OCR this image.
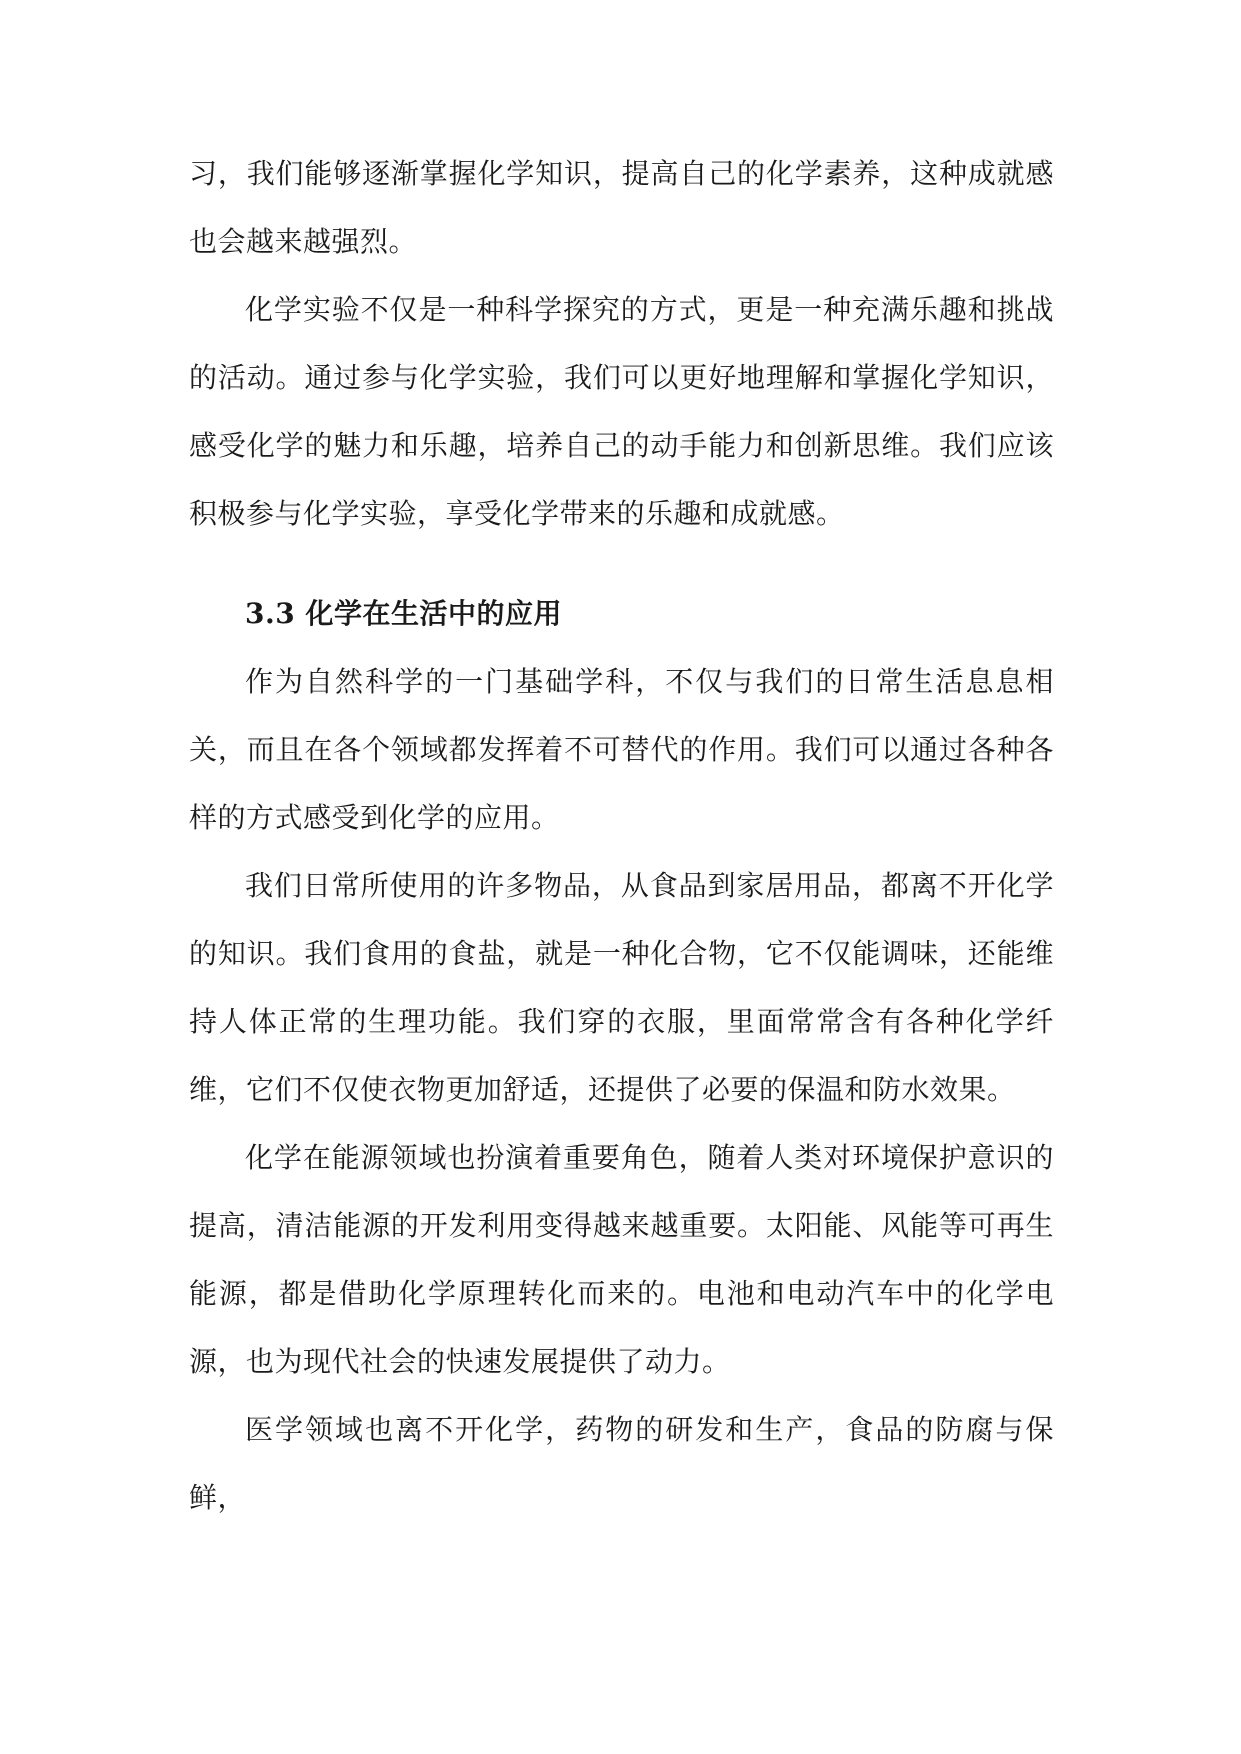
习，我们能够逐渐掌握化学知识，提高自己的化学素养，这种成就感也会越来越强烈。

化学实验不仅是一种科学探究的方式，更是一种充满乐趣和挑战的活动。通过参与化学实验，我们可以更好地理解和掌握化学知识，感受化学的魅力和乐趣，培养自己的动手能力和创新思维。我们应该积极参与化学实验，享受化学带来的乐趣和成就感。

3.3 化学在生活中的应用

作为自然科学的一门基础学科，不仅与我们的日常生活息息相关，而且在各个领域都发挥着不可替代的作用。我们可以通过各种各样的方式感受到化学的应用。

我们日常所使用的许多物品，从食品到家居用品，都离不开化学的知识。我们食用的食盐，就是一种化合物，它不仅能调味，还能维持人体正常的生理功能。我们穿的衣服，里面常常含有各种化学纤维，它们不仅使衣物更加舒适，还提供了必要的保温和防水效果。

化学在能源领域也扮演着重要角色，随着人类对环境保护意识的提高，清洁能源的开发利用变得越来越重要。太阳能、风能等可再生能源，都是借助化学原理转化而来的。电池和电动汽车中的化学电源，也为现代社会的快速发展提供了动力。

医学领域也离不开化学，药物的研发和生产，食品的防腐与保鲜，
